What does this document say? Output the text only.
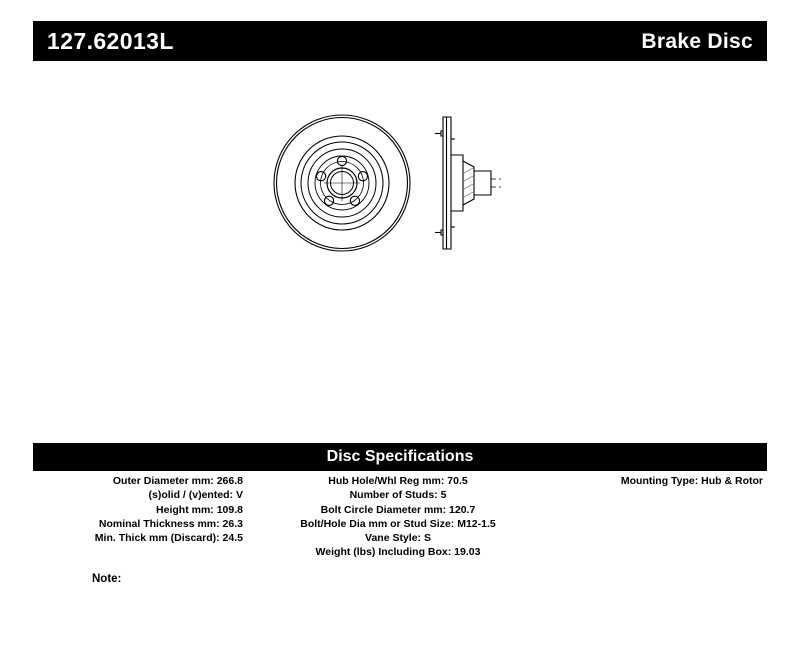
127.62013L	Brake Disc
Disc Specifications
Outer Diameter mm: 266.8
(s)olid / (v)ented: V
Height mm: 109.8
Nominal Thickness mm: 26.3
Min. Thick mm (Discard): 24.5
Hub Hole/Whl Reg mm: 70.5
Number of Studs: 5
Bolt Circle Diameter mm: 120.7
Bolt/Hole Dia mm or Stud Size: M12-1.5
Vane Style: S
Weight (lbs) Including Box: 19.03
Mounting Type: Hub & Rotor
Note:
